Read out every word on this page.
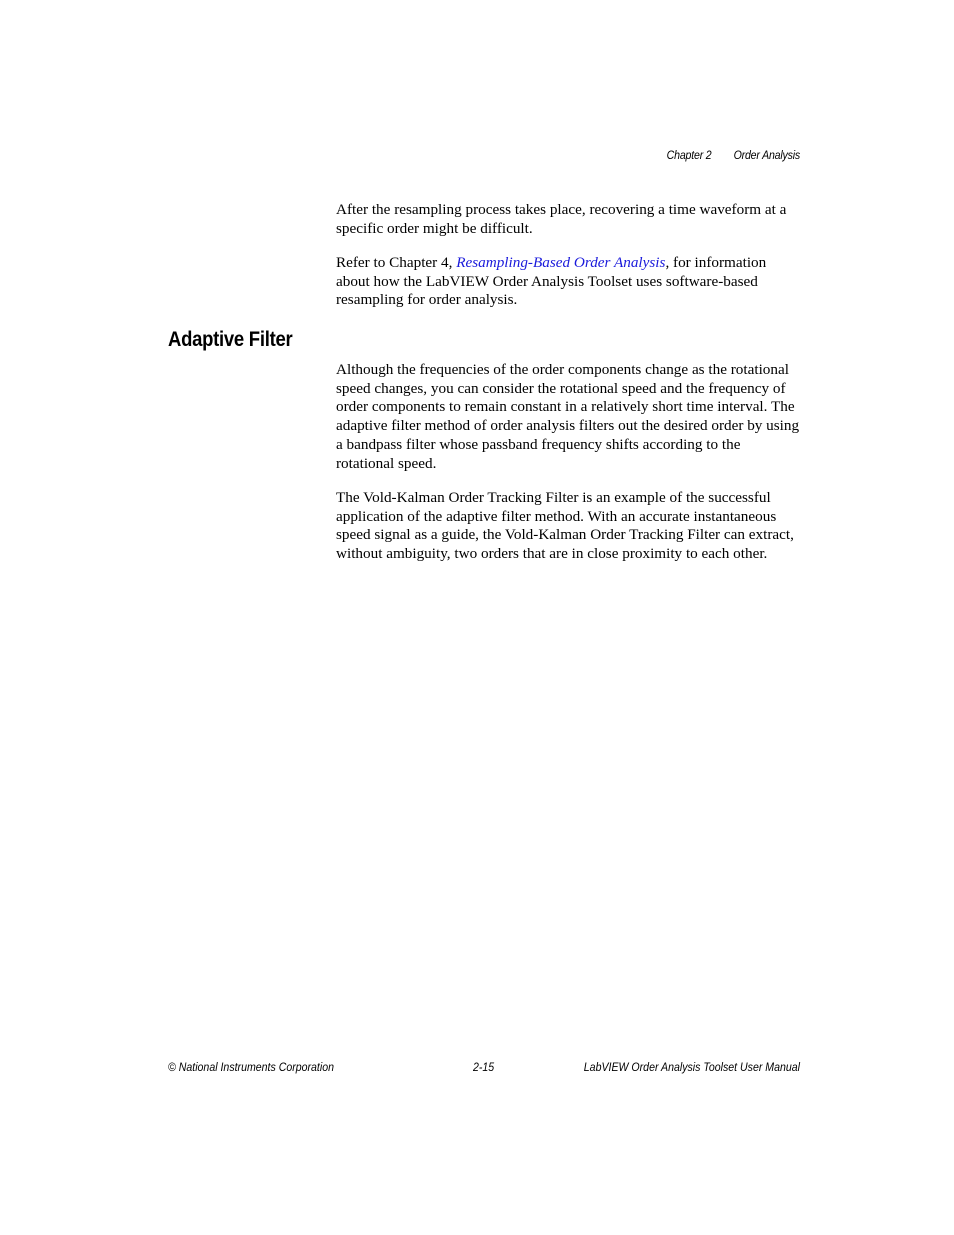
Chapter 2 Order Analysis

After the resampling process takes place, recovering a time waveform at a specific order might be difficult.

Refer to Chapter 4, Resampling-Based Order Analysis, for information about how the LabVIEW Order Analysis Toolset uses software-based resampling for order analysis.

Adaptive Filter

Although the frequencies of the order components change as the rotational speed changes, you can consider the rotational speed and the frequency of order components to remain constant in a relatively short time interval. The adaptive filter method of order analysis filters out the desired order by using a bandpass filter whose passband frequency shifts according to the rotational speed.

The Vold-Kalman Order Tracking Filter is an example of the successful application of the adaptive filter method. With an accurate instantaneous speed signal as a guide, the Vold-Kalman Order Tracking Filter can extract, without ambiguity, two orders that are in close proximity to each other.

© National Instruments Corporation	2-15	LabVIEW Order Analysis Toolset User Manual
